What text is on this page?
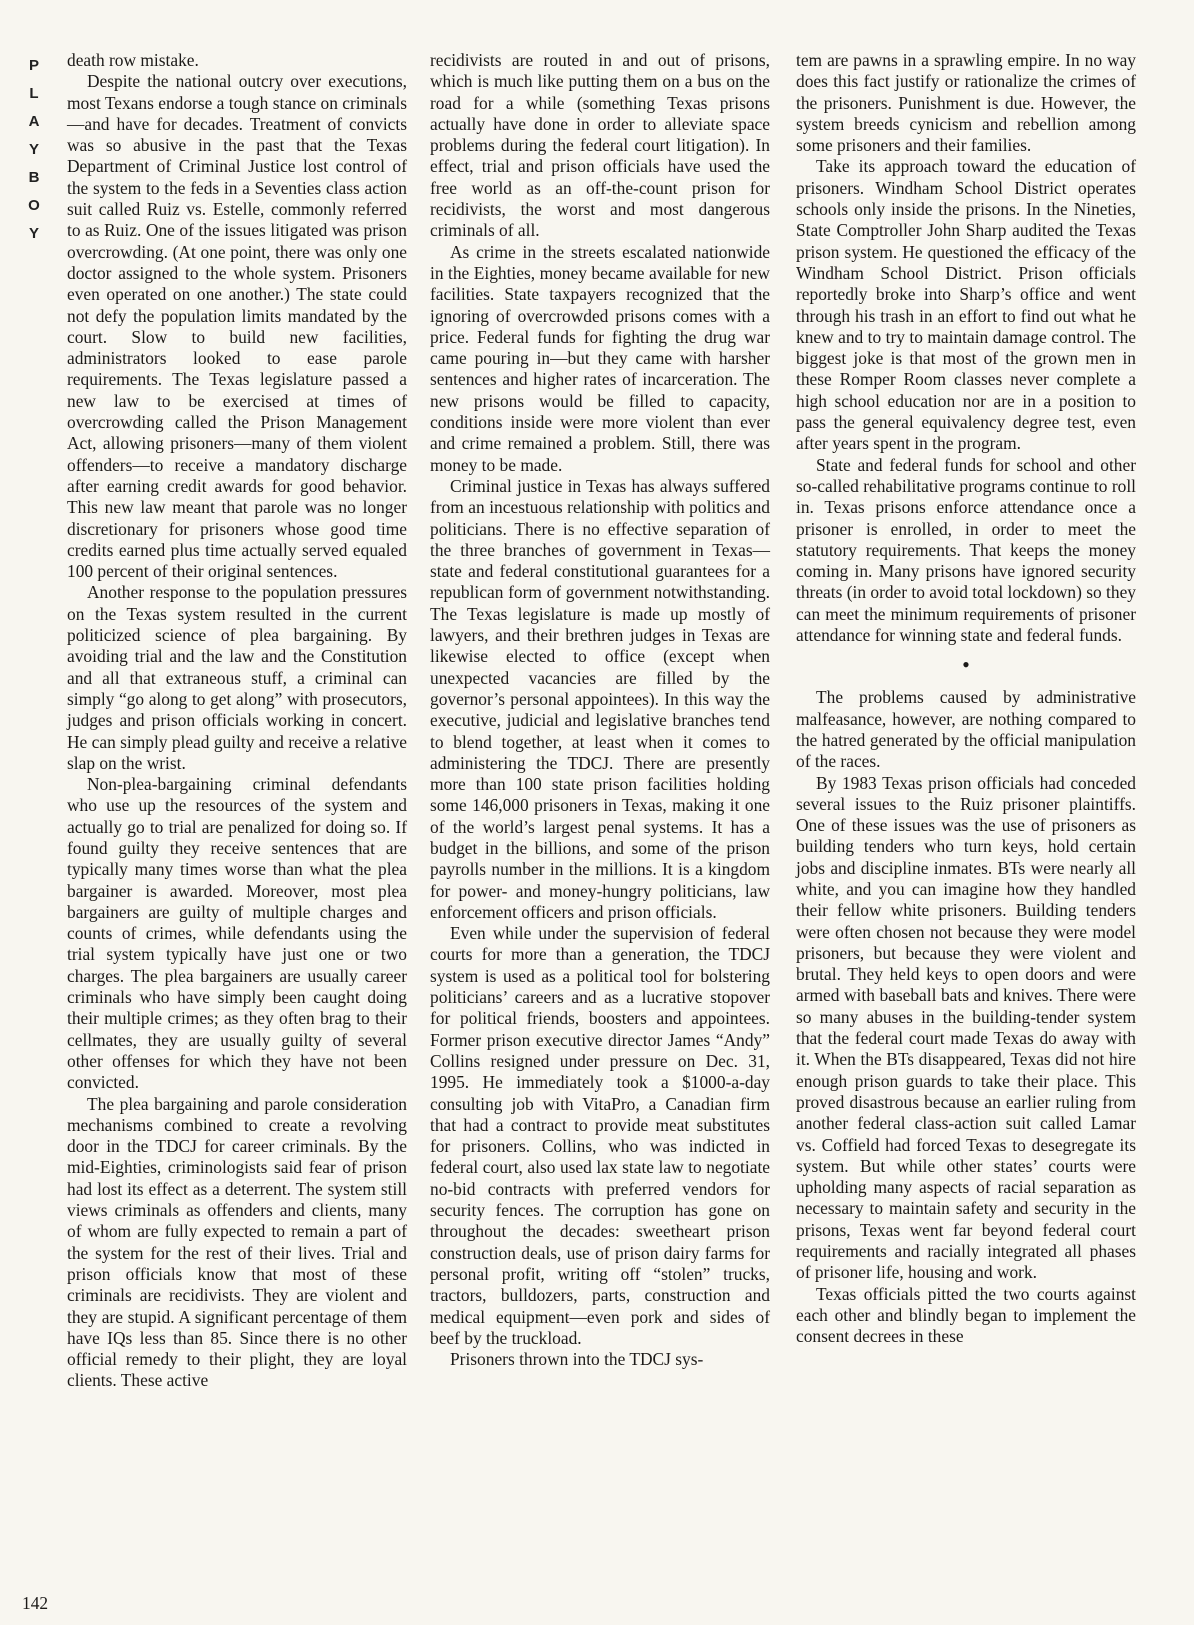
P
L
A
Y
B
O
Y

death row mistake.

Despite the national outcry over executions, most Texans endorse a tough stance on criminals—and have for decades. Treatment of convicts was so abusive in the past that the Texas Department of Criminal Justice lost control of the system to the feds in a Seventies class action suit called Ruiz vs. Estelle, commonly referred to as Ruiz. One of the issues litigated was prison overcrowding. (At one point, there was only one doctor assigned to the whole system. Prisoners even operated on one another.) The state could not defy the population limits mandated by the court. Slow to build new facilities, administrators looked to ease parole requirements. The Texas legislature passed a new law to be exercised at times of overcrowding called the Prison Management Act, allowing prisoners—many of them violent offenders—to receive a mandatory discharge after earning credit awards for good behavior. This new law meant that parole was no longer discretionary for prisoners whose good time credits earned plus time actually served equaled 100 percent of their original sentences.

Another response to the population pressures on the Texas system resulted in the current politicized science of plea bargaining. By avoiding trial and the law and the Constitution and all that extraneous stuff, a criminal can simply “go along to get along” with prosecutors, judges and prison officials working in concert. He can simply plead guilty and receive a relative slap on the wrist.

Non-plea-bargaining criminal defendants who use up the resources of the system and actually go to trial are penalized for doing so. If found guilty they receive sentences that are typically many times worse than what the plea bargainer is awarded. Moreover, most plea bargainers are guilty of multiple charges and counts of crimes, while defendants using the trial system typically have just one or two charges. The plea bargainers are usually career criminals who have simply been caught doing their multiple crimes; as they often brag to their cellmates, they are usually guilty of several other offenses for which they have not been convicted.

The plea bargaining and parole consideration mechanisms combined to create a revolving door in the TDCJ for career criminals. By the mid-Eighties, criminologists said fear of prison had lost its effect as a deterrent. The system still views criminals as offenders and clients, many of whom are fully expected to remain a part of the system for the rest of their lives. Trial and prison officials know that most of these criminals are recidivists. They are violent and they are stupid. A significant percentage of them have IQs less than 85. Since there is no other official remedy to their plight, they are loyal clients. These active

recidivists are routed in and out of prisons, which is much like putting them on a bus on the road for a while (something Texas prisons actually have done in order to alleviate space problems during the federal court litigation). In effect, trial and prison officials have used the free world as an off-the-count prison for recidivists, the worst and most dangerous criminals of all.

As crime in the streets escalated nationwide in the Eighties, money became available for new facilities. State taxpayers recognized that the ignoring of overcrowded prisons comes with a price. Federal funds for fighting the drug war came pouring in—but they came with harsher sentences and higher rates of incarceration. The new prisons would be filled to capacity, conditions inside were more violent than ever and crime remained a problem. Still, there was money to be made.

Criminal justice in Texas has always suffered from an incestuous relationship with politics and politicians. There is no effective separation of the three branches of government in Texas—state and federal constitutional guarantees for a republican form of government notwithstanding. The Texas legislature is made up mostly of lawyers, and their brethren judges in Texas are likewise elected to office (except when unexpected vacancies are filled by the governor’s personal appointees). In this way the executive, judicial and legislative branches tend to blend together, at least when it comes to administering the TDCJ. There are presently more than 100 state prison facilities holding some 146,000 prisoners in Texas, making it one of the world’s largest penal systems. It has a budget in the billions, and some of the prison payrolls number in the millions. It is a kingdom for power- and money-hungry politicians, law enforcement officers and prison officials.

Even while under the supervision of federal courts for more than a generation, the TDCJ system is used as a political tool for bolstering politicians’ careers and as a lucrative stopover for political friends, boosters and appointees. Former prison executive director James “Andy” Collins resigned under pressure on Dec. 31, 1995. He immediately took a $1000-a-day consulting job with VitaPro, a Canadian firm that had a contract to provide meat substitutes for prisoners. Collins, who was indicted in federal court, also used lax state law to negotiate no-bid contracts with preferred vendors for security fences. The corruption has gone on throughout the decades: sweetheart prison construction deals, use of prison dairy farms for personal profit, writing off “stolen” trucks, tractors, bulldozers, parts, construction and medical equipment—even pork and sides of beef by the truckload.

Prisoners thrown into the TDCJ sys-

tem are pawns in a sprawling empire. In no way does this fact justify or rationalize the crimes of the prisoners. Punishment is due. However, the system breeds cynicism and rebellion among some prisoners and their families.

Take its approach toward the education of prisoners. Windham School District operates schools only inside the prisons. In the Nineties, State Comptroller John Sharp audited the Texas prison system. He questioned the efficacy of the Windham School District. Prison officials reportedly broke into Sharp’s office and went through his trash in an effort to find out what he knew and to try to maintain damage control. The biggest joke is that most of the grown men in these Romper Room classes never complete a high school education nor are in a position to pass the general equivalency degree test, even after years spent in the program.

State and federal funds for school and other so-called rehabilitative programs continue to roll in. Texas prisons enforce attendance once a prisoner is enrolled, in order to meet the statutory requirements. That keeps the money coming in. Many prisons have ignored security threats (in order to avoid total lockdown) so they can meet the minimum requirements of prisoner attendance for winning state and federal funds.

•

The problems caused by administrative malfeasance, however, are nothing compared to the hatred generated by the official manipulation of the races.

By 1983 Texas prison officials had conceded several issues to the Ruiz prisoner plaintiffs. One of these issues was the use of prisoners as building tenders who turn keys, hold certain jobs and discipline inmates. BTs were nearly all white, and you can imagine how they handled their fellow white prisoners. Building tenders were often chosen not because they were model prisoners, but because they were violent and brutal. They held keys to open doors and were armed with baseball bats and knives. There were so many abuses in the building-tender system that the federal court made Texas do away with it. When the BTs disappeared, Texas did not hire enough prison guards to take their place. This proved disastrous because an earlier ruling from another federal class-action suit called Lamar vs. Coffield had forced Texas to desegregate its system. But while other states’ courts were upholding many aspects of racial separation as necessary to maintain safety and security in the prisons, Texas went far beyond federal court requirements and racially integrated all phases of prisoner life, housing and work.

Texas officials pitted the two courts against each other and blindly began to implement the consent decrees in these

142
